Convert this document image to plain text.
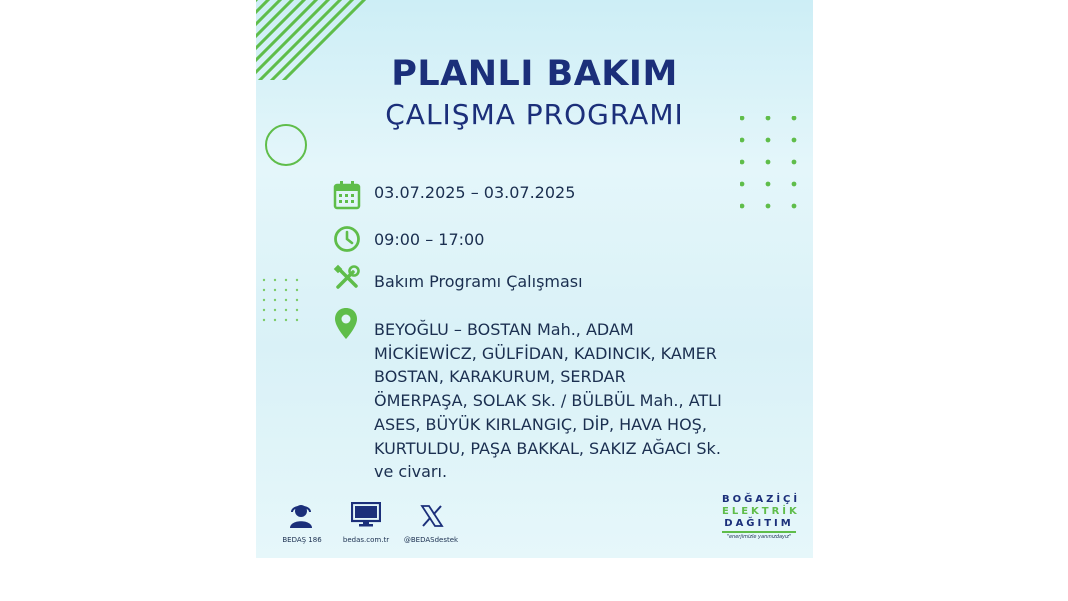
PLANLI BAKIM
ÇALIŞMA PROGRAMI
03.07.2025 – 03.07.2025
09:00 – 17:00
Bakım Programı Çalışması
BEYOĞLU – BOSTAN Mah., ADAM
MİCKİEWİCZ, GÜLFİDAN, KADINCIK, KAMER
BOSTAN, KARAKURUM, SERDAR
ÖMERPAŞA, SOLAK Sk. / BÜLBÜL Mah., ATLI
ASES, BÜYÜK KIRLANGIÇ, DİP, HAVA HOŞ,
KURTULDU, PAŞA BAKKAL, SAKIZ AĞACI Sk.
ve civarı.
BEDAŞ 186	bedas.com.tr	@BEDASdestek
BOĞAZİÇİ
ELEKTRİK
DAĞITIM
"enerjimizle yanınızdayız"
